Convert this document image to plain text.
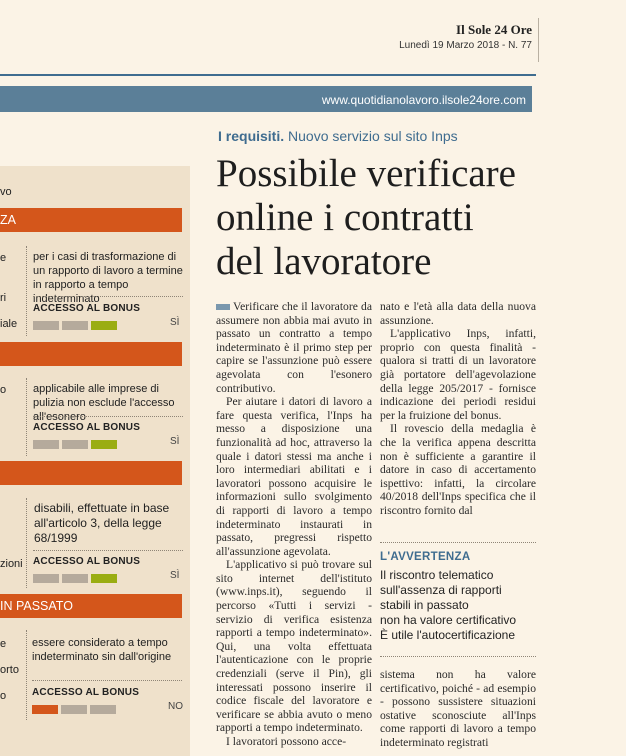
Il Sole 24 Ore
Lunedì 19 Marzo 2018 - N. 77
www.quotidianolavoro.ilsole24ore.com
vo
ZA
e
ri
iale
per i casi di trasformazione di un rapporto di lavoro a termine in rapporto a tempo indeterminato
ACCESSO AL BONUS
SÌ
o applicabile alle imprese di pulizia non esclude l'accesso all'esonero
ACCESSO AL BONUS
SÌ
zioni
disabili, effettuate in base all'articolo 3, della legge 68/1999
ACCESSO AL BONUS
SÌ
IN PASSATO
e
orto
o
essere considerato a tempo indeterminato sin dall'origine
ACCESSO AL BONUS
NO
I requisiti. Nuovo servizio sul sito Inps
Possibile verificare
online i contratti
del lavoratore

Verificare che il lavoratore da assumere non abbia mai avuto in passato un contratto a tempo indeterminato è il primo step per capire se l'assunzione può essere agevolata con l'esonero contributivo.

Per aiutare i datori di lavoro a fare questa verifica, l'Inps ha messo a disposizione una funzionalità ad hoc, attraverso la quale i datori stessi ma anche i loro intermediari abilitati e i lavoratori possono acquisire le informazioni sullo svolgimento di rapporti di lavoro a tempo indeterminato instaurati in passato, pregressi rispetto all'assunzione agevolata.

L'applicativo si può trovare sul sito internet dell'istituto (www.inps.it), seguendo il percorso «Tutti i servizi - servizio di verifica esistenza rapporti a tempo indeterminato». Qui, una volta effettuata l'autenticazione con le proprie credenziali (serve il Pin), gli interessati possono inserire il codice fiscale del lavoratore e verificare se abbia avuto o meno rapporti a tempo indeterminato.

I lavoratori possono acce-

nato e l'età alla data della nuova assunzione.

L'applicativo Inps, infatti, proprio con questa finalità - qualora si tratti di un lavoratore già portatore dell'agevolazione della legge 205/2017 - fornisce indicazione dei periodi residui per la fruizione del bonus.

Il rovescio della medaglia è che la verifica appena descritta non è sufficiente a garantire il datore in caso di accertamento ispettivo: infatti, la circolare 40/2018 dell'Inps specifica che il riscontro fornito dal

L'AVVERTENZA
Il riscontro telematico
sull'assenza di rapporti
stabili in passato
non ha valore certificativo
È utile l'autocertificazione

sistema non ha valore certificativo, poiché - ad esempio - possono sussistere situazioni ostative sconosciute all'Inps come rapporti di lavoro a tempo indeterminato registrati
